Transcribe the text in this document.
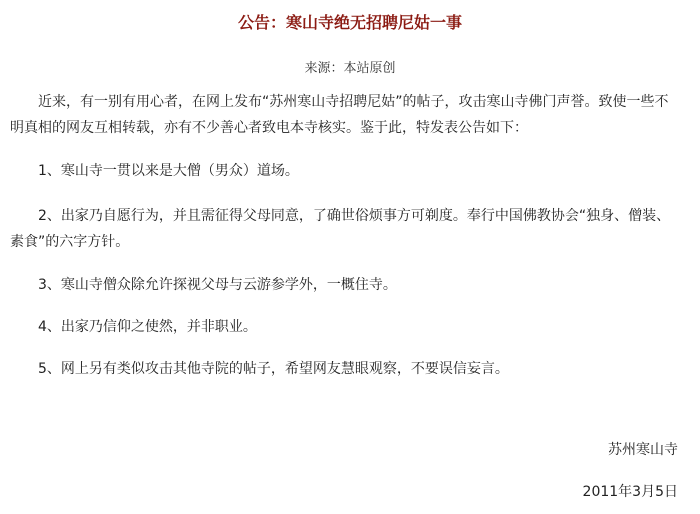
公告：寒山寺绝无招聘尼姑一事
来源：本站原创

近来，有一别有用心者，在网上发布“苏州寒山寺招聘尼姑”的帖子，攻击寒山寺佛门声誉。致使一些不明真相的网友互相转载，亦有不少善心者致电本寺核实。鉴于此，特发表公告如下：

1、寒山寺一贯以来是大僧（男众）道场。

2、出家乃自愿行为，并且需征得父母同意，了确世俗烦事方可剃度。奉行中国佛教协会“独身、僧装、素食”的六字方针。

3、寒山寺僧众除允许探视父母与云游参学外，一概住寺。

4、出家乃信仰之使然，并非职业。

5、网上另有类似攻击其他寺院的帖子，希望网友慧眼观察，不要误信妄言。

苏州寒山寺
2011年3月5日
